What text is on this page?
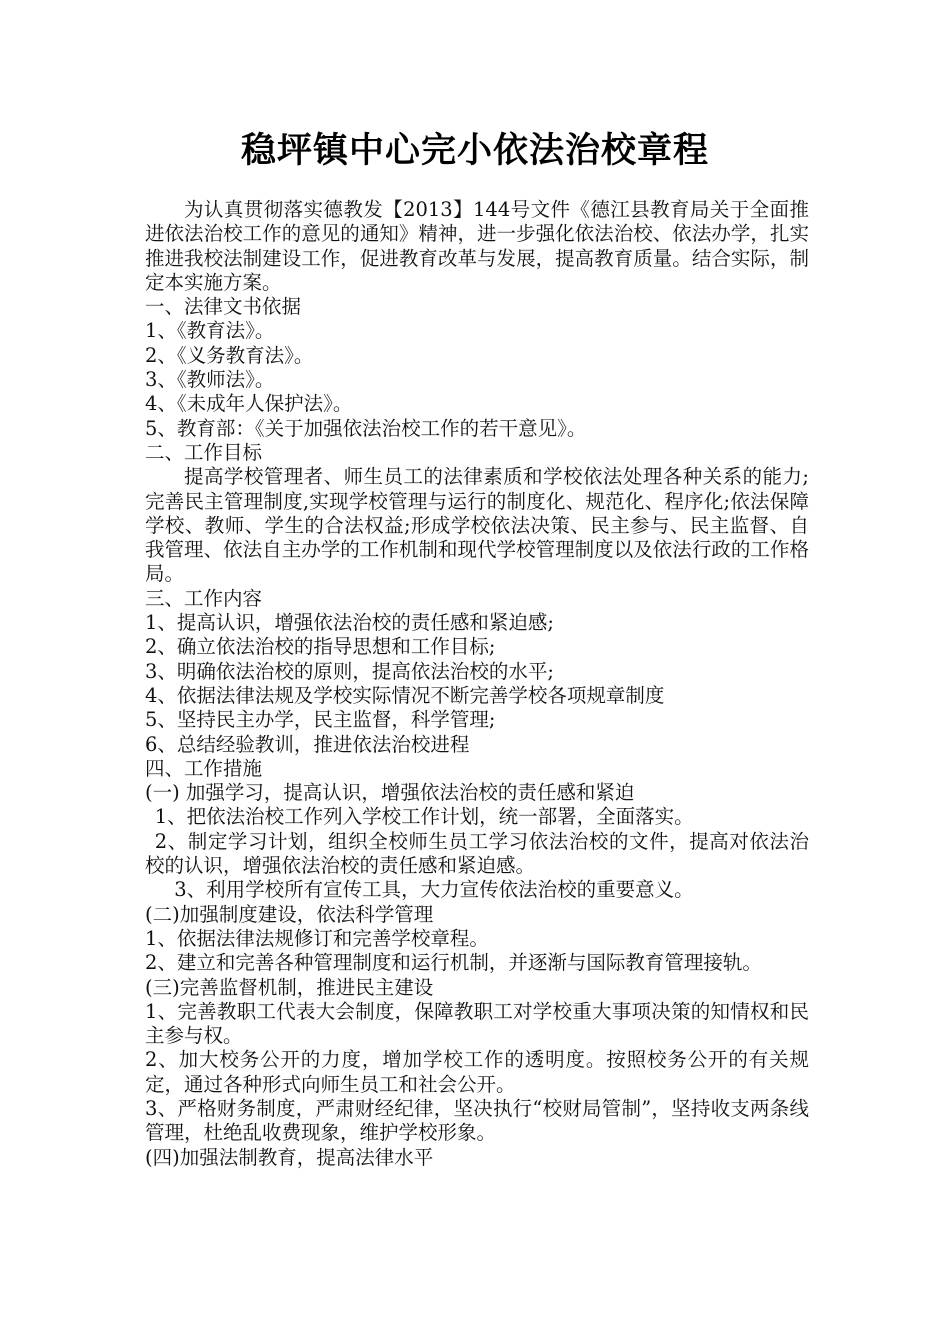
稳坪镇中心完小依法治校章程

为认真贯彻落实德教发【2013】144号文件《德江县教育局关于全面推进依法治校工作的意见的通知》精神，进一步强化依法治校、依法办学，扎实推进我校法制建设工作，促进教育改革与发展，提高教育质量。结合实际，制定本实施方案。

一、法律文书依据

1、《教育法》。

2、《义务教育法》。

3、《教师法》。

4、《未成年人保护法》。

5、教育部：《关于加强依法治校工作的若干意见》。

二、工作目标

提高学校管理者、师生员工的法律素质和学校依法处理各种关系的能力;完善民主管理制度,实现学校管理与运行的制度化、规范化、程序化;依法保障学校、教师、学生的合法权益;形成学校依法决策、民主参与、民主监督、自我管理、依法自主办学的工作机制和现代学校管理制度以及依法行政的工作格局。

三、工作内容

1、提高认识，增强依法治校的责任感和紧迫感;

2、确立依法治校的指导思想和工作目标;

3、明确依法治校的原则，提高依法治校的水平;

4、依据法律法规及学校实际情况不断完善学校各项规章制度

5、坚持民主办学，民主监督，科学管理;

6、总结经验教训，推进依法治校进程

四、工作措施

(一) 加强学习，提高认识，增强依法治校的责任感和紧迫

1、把依法治校工作列入学校工作计划，统一部署，全面落实。

2、制定学习计划，组织全校师生员工学习依法治校的文件，提高对依法治校的认识，增强依法治校的责任感和紧迫感。

3、利用学校所有宣传工具，大力宣传依法治校的重要意义。

(二)加强制度建设，依法科学管理

1、依据法律法规修订和完善学校章程。

2、建立和完善各种管理制度和运行机制，并逐渐与国际教育管理接轨。

(三)完善监督机制，推进民主建设

1、完善教职工代表大会制度，保障教职工对学校重大事项决策的知情权和民主参与权。

2、加大校务公开的力度，增加学校工作的透明度。按照校务公开的有关规定，通过各种形式向师生员工和社会公开。

3、严格财务制度，严肃财经纪律，坚决执行“校财局管制”，坚持收支两条线管理，杜绝乱收费现象，维护学校形象。

(四)加强法制教育，提高法律水平
